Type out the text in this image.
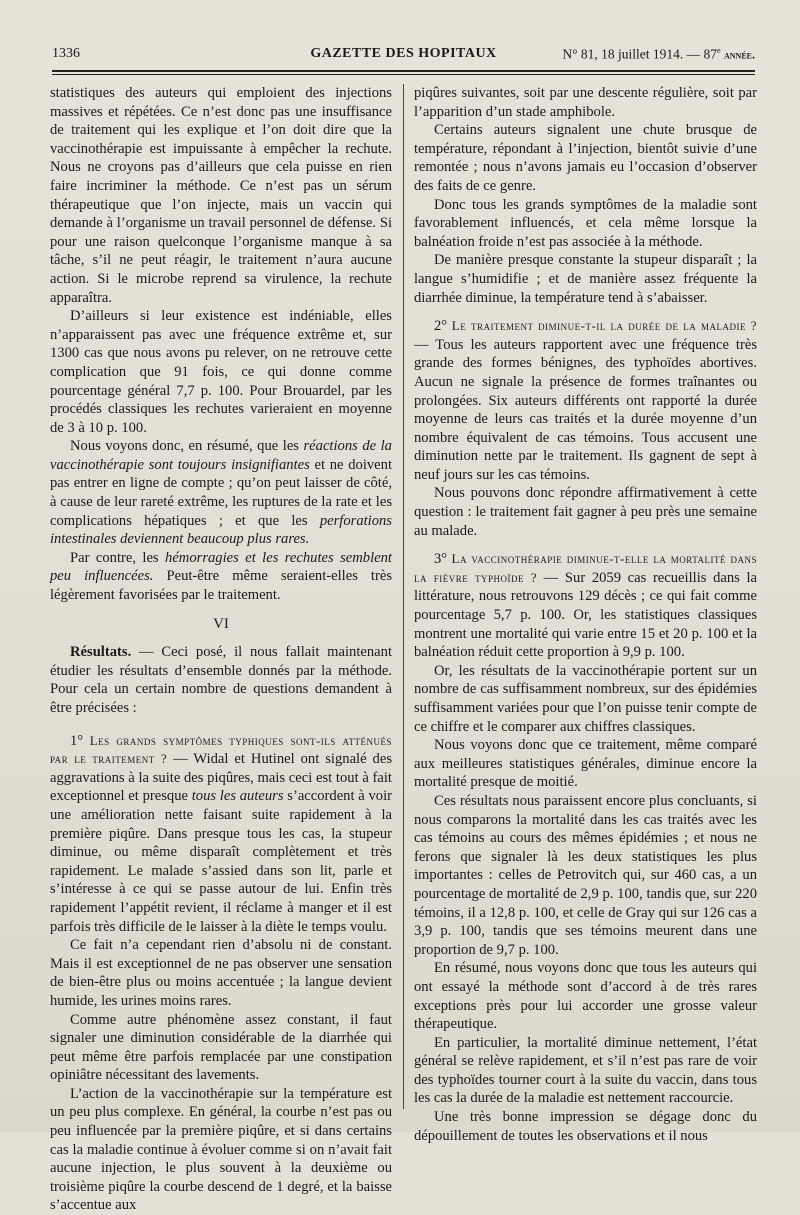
1336	GAZETTE DES HOPITAUX	N° 81, 18 juillet 1914. — 87e année.

statistiques des auteurs qui emploient des injections massives et répétées. Ce n’est donc pas une insuffisance de traitement qui les explique et l’on doit dire que la vaccinothérapie est impuissante à empêcher la rechute. Nous ne croyons pas d’ailleurs que cela puisse en rien faire incriminer la méthode. Ce n’est pas un sérum thérapeutique que l’on injecte, mais un vaccin qui demande à l’organisme un travail personnel de défense. Si pour une raison quelconque l’organisme manque à sa tâche, s’il ne peut réagir, le traitement n’aura aucune action. Si le microbe reprend sa virulence, la rechute apparaîtra.

D’ailleurs si leur existence est indéniable, elles n’apparaissent pas avec une fréquence extrême et, sur 1300 cas que nous avons pu relever, on ne retrouve cette complication que 91 fois, ce qui donne comme pourcentage général 7,7 p. 100. Pour Brouardel, par les procédés classiques les rechutes varieraient en moyenne de 3 à 10 p. 100.

Nous voyons donc, en résumé, que les réactions de la vaccinothérapie sont toujours insignifiantes et ne doivent pas entrer en ligne de compte ; qu’on peut laisser de côté, à cause de leur rareté extrême, les ruptures de la rate et les complications hépatiques ; et que les perforations intestinales deviennent beaucoup plus rares.

Par contre, les hémorragies et les rechutes semblent peu influencées. Peut-être même seraient-elles très légèrement favorisées par le traitement.

VI

Résultats. — Ceci posé, il nous fallait maintenant étudier les résultats d’ensemble donnés par la méthode. Pour cela un certain nombre de questions demandent à être précisées :

1° Les grands symptômes typhiques sont-ils atténués par le traitement ? — Widal et Hutinel ont signalé des aggravations à la suite des piqûres, mais ceci est tout à fait exceptionnel et presque tous les auteurs s’accordent à voir une amélioration nette faisant suite rapidement à la première piqûre. Dans presque tous les cas, la stupeur diminue, ou même disparaît complètement et très rapidement. Le malade s’assied dans son lit, parle et s’intéresse à ce qui se passe autour de lui. Enfin très rapidement l’appétit revient, il réclame à manger et il est parfois très difficile de le laisser à la diète le temps voulu.

Ce fait n’a cependant rien d’absolu ni de constant. Mais il est exceptionnel de ne pas observer une sensation de bien-être plus ou moins accentuée ; la langue devient humide, les urines moins rares.

Comme autre phénomène assez constant, il faut signaler une diminution considérable de la diarrhée qui peut même être parfois remplacée par une constipation opiniâtre nécessitant des lavements.

L’action de la vaccinothérapie sur la température est un peu plus complexe. En général, la courbe n’est pas ou peu influencée par la première piqûre, et si dans certains cas la maladie continue à évoluer comme si on n’avait fait aucune injection, le plus souvent à la deuxième ou troisième piqûre la courbe descend de 1 degré, et la baisse s’accentue aux

piqûres suivantes, soit par une descente régulière, soit par l’apparition d’un stade amphibole.

Certains auteurs signalent une chute brusque de température, répondant à l’injection, bientôt suivie d’une remontée ; nous n’avons jamais eu l’occasion d’observer des faits de ce genre.

Donc tous les grands symptômes de la maladie sont favorablement influencés, et cela même lorsque la balnéation froide n’est pas associée à la méthode.

De manière presque constante la stupeur disparaît ; la langue s’humidifie ; et de manière assez fréquente la diarrhée diminue, la température tend à s’abaisser.

2° Le traitement diminue-t-il la durée de la maladie ? — Tous les auteurs rapportent avec une fréquence très grande des formes bénignes, des typhoïdes abortives. Aucun ne signale la présence de formes traînantes ou prolongées. Six auteurs différents ont rapporté la durée moyenne de leurs cas traités et la durée moyenne d’un nombre équivalent de cas témoins. Tous accusent une diminution nette par le traitement. Ils gagnent de sept à neuf jours sur les cas témoins.

Nous pouvons donc répondre affirmativement à cette question : le traitement fait gagner à peu près une semaine au malade.

3° La vaccinothérapie diminue-t-elle la mortalité dans la fièvre typhoïde ? — Sur 2059 cas recueillis dans la littérature, nous retrouvons 129 décès ; ce qui fait comme pourcentage 5,7 p. 100. Or, les statistiques classiques montrent une mortalité qui varie entre 15 et 20 p. 100 et la balnéation réduit cette proportion à 9,9 p. 100.

Or, les résultats de la vaccinothérapie portent sur un nombre de cas suffisamment nombreux, sur des épidémies suffisamment variées pour que l’on puisse tenir compte de ce chiffre et le comparer aux chiffres classiques.

Nous voyons donc que ce traitement, même comparé aux meilleures statistiques générales, diminue encore la mortalité presque de moitié.

Ces résultats nous paraissent encore plus concluants, si nous comparons la mortalité dans les cas traités avec les cas témoins au cours des mêmes épidémies ; et nous ne ferons que signaler là les deux statistiques les plus importantes : celles de Petrovitch qui, sur 460 cas, a un pourcentage de mortalité de 2,9 p. 100, tandis que, sur 220 témoins, il a 12,8 p. 100, et celle de Gray qui sur 126 cas a 3,9 p. 100, tandis que ses témoins meurent dans une proportion de 9,7 p. 100.

En résumé, nous voyons donc que tous les auteurs qui ont essayé la méthode sont d’accord à de très rares exceptions près pour lui accorder une grosse valeur thérapeutique.

En particulier, la mortalité diminue nettement, l’état général se relève rapidement, et s’il n’est pas rare de voir des typhoïdes tourner court à la suite du vaccin, dans tous les cas la durée de la maladie est nettement raccourcie.

Une très bonne impression se dégage donc du dépouillement de toutes les observations et il nous
